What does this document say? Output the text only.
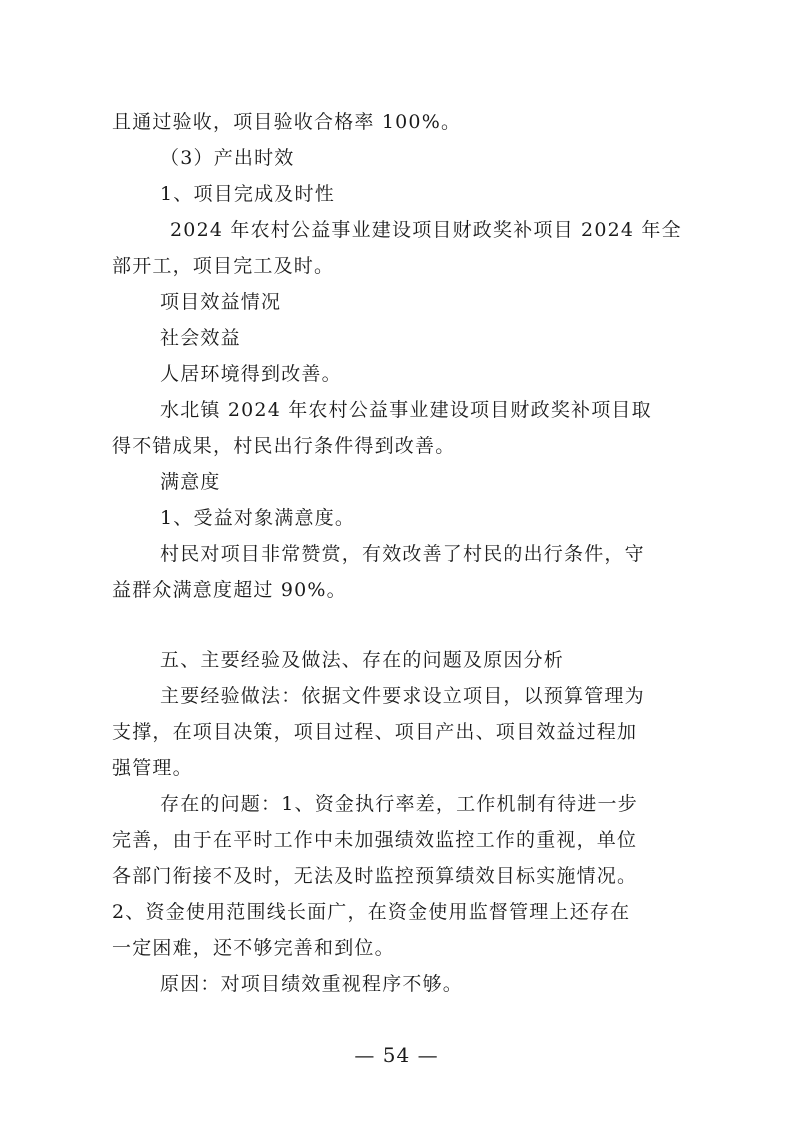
且通过验收，项目验收合格率 100%。
（3）产出时效
1、项目完成及时性
2024 年农村公益事业建设项目财政奖补项目 2024 年全
部开工，项目完工及时。
项目效益情况
社会效益
人居环境得到改善。
水北镇 2024 年农村公益事业建设项目财政奖补项目取
得不错成果，村民出行条件得到改善。
满意度
1、受益对象满意度。
村民对项目非常赞赏，有效改善了村民的出行条件，守
益群众满意度超过 90%。
五、主要经验及做法、存在的问题及原因分析
主要经验做法：依据文件要求设立项目，以预算管理为
支撑，在项目决策，项目过程、项目产出、项目效益过程加
强管理。
存在的问题：1、资金执行率差，工作机制有待进一步
完善，由于在平时工作中未加强绩效监控工作的重视，单位
各部门衔接不及时，无法及时监控预算绩效目标实施情况。
2、资金使用范围线长面广，在资金使用监督管理上还存在
一定困难，还不够完善和到位。
原因：对项目绩效重视程序不够。
— 54 —
